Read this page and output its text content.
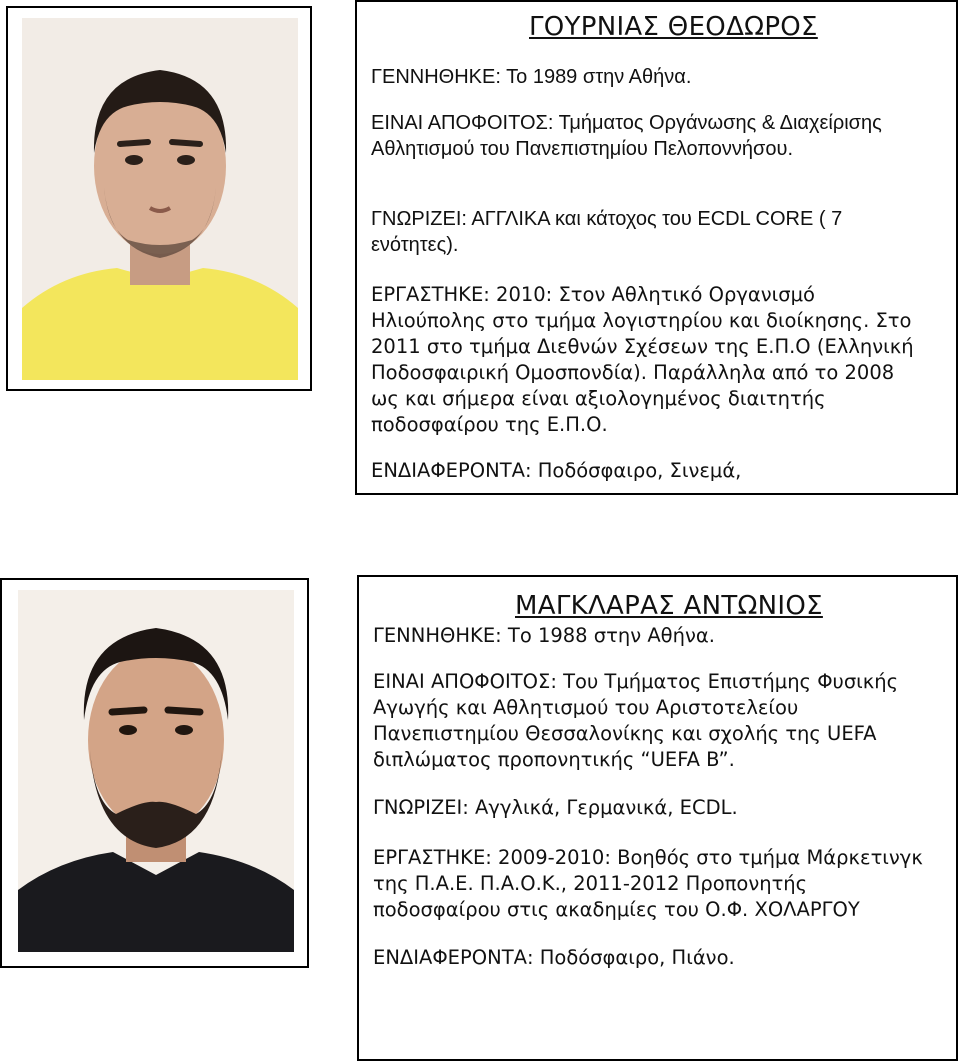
ΓΟΥΡΝΙΑΣ ΘΕΟΔΩΡΟΣ
ΓΕΝΝΗΘΗΚΕ: Το 1989 στην Αθήνα.
ΕΙΝΑΙ ΑΠΟΦΟΙΤΟΣ: Τμήματος Οργάνωσης & Διαχείρισης
Αθλητισμού του Πανεπιστημίου Πελοποννήσου.
ΓΝΩΡΙΖΕΙ: ΑΓΓΛΙΚΑ και κάτοχος του ECDL CORE ( 7
ενότητες).
ΕΡΓΑΣΤΗΚΕ: 2010: Στον Αθλητικό Οργανισμό
Ηλιούπολης στο τμήμα λογιστηρίου και διοίκησης. Στο
2011 στο τμήμα Διεθνών Σχέσεων της Ε.Π.Ο (Ελληνική
Ποδοσφαιρική Ομοσπονδία). Παράλληλα από το 2008
ως και σήμερα είναι αξιολογημένος διαιτητής
ποδοσφαίρου της Ε.Π.Ο.
ΕΝΔΙΑΦΕΡΟΝΤΑ: Ποδόσφαιρο, Σινεμά,
ΜΑΓΚΛΑΡΑΣ ΑΝΤΩΝΙΟΣ
ΓΕΝΝΗΘΗΚΕ: Το 1988 στην Αθήνα.
ΕΙΝΑΙ ΑΠΟΦΟΙΤΟΣ: Του Τμήματος Επιστήμης Φυσικής
Αγωγής και Αθλητισμού του Αριστοτελείου
Πανεπιστημίου Θεσσαλονίκης και σχολής της UEFA
διπλώματος προπονητικής “UEFA B”.
ΓΝΩΡΙΖΕΙ: Αγγλικά, Γερμανικά, ECDL.
ΕΡΓΑΣΤΗΚΕ: 2009-2010: Βοηθός στο τμήμα Μάρκετινγκ
της Π.Α.Ε. Π.Α.Ο.Κ., 2011-2012 Προπονητής
ποδοσφαίρου στις ακαδημίες του Ο.Φ. ΧΟΛΑΡΓΟΥ
ΕΝΔΙΑΦΕΡΟΝΤΑ: Ποδόσφαιρο, Πιάνο.
